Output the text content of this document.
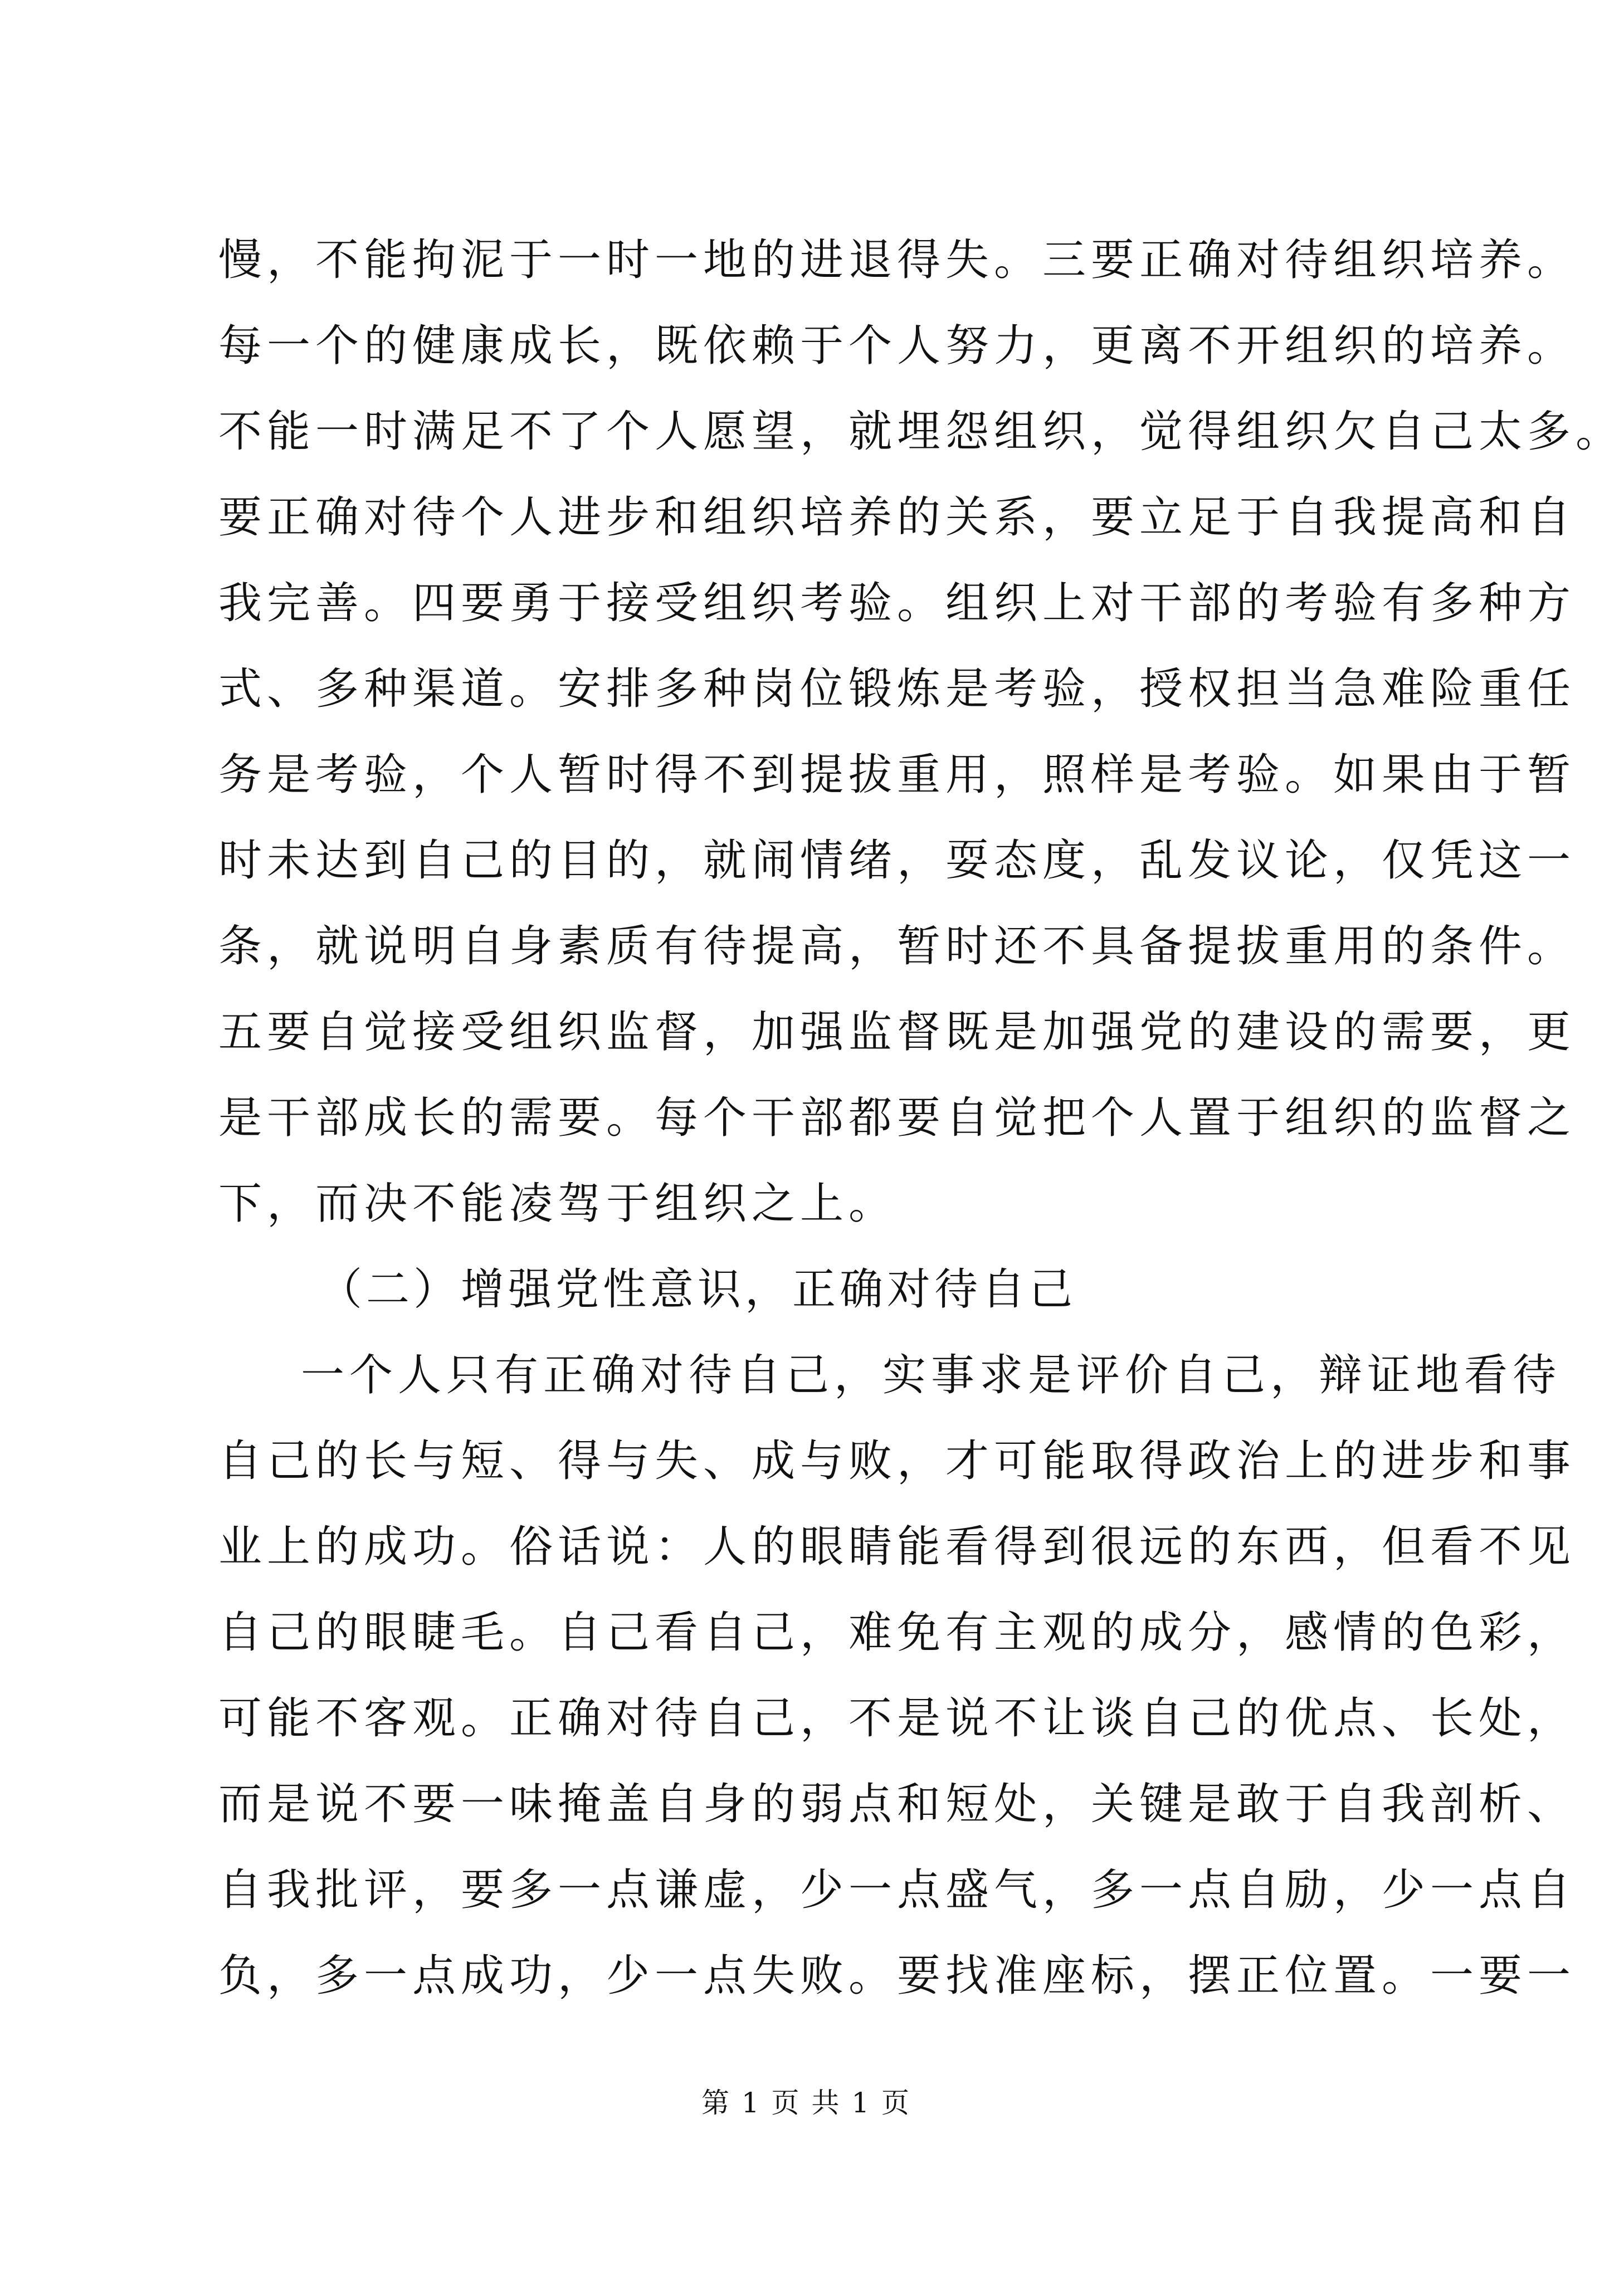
慢，不能拘泥于一时一地的进退得失。三要正确对待组织培养。
每一个的健康成长，既依赖于个人努力，更离不开组织的培养。
不能一时满足不了个人愿望，就埋怨组织，觉得组织欠自己太多。
要正确对待个人进步和组织培养的关系，要立足于自我提高和自
我完善。四要勇于接受组织考验。组织上对干部的考验有多种方
式、多种渠道。安排多种岗位锻炼是考验，授权担当急难险重任
务是考验，个人暂时得不到提拔重用，照样是考验。如果由于暂
时未达到自己的目的，就闹情绪，耍态度，乱发议论，仅凭这一
条，就说明自身素质有待提高，暂时还不具备提拔重用的条件。
五要自觉接受组织监督，加强监督既是加强党的建设的需要，更
是干部成长的需要。每个干部都要自觉把个人置于组织的监督之
下，而决不能凌驾于组织之上。
（二）增强党性意识，正确对待自己
一个人只有正确对待自己，实事求是评价自己，辩证地看待
自己的长与短、得与失、成与败，才可能取得政治上的进步和事
业上的成功。俗话说：人的眼睛能看得到很远的东西，但看不见
自己的眼睫毛。自己看自己，难免有主观的成分，感情的色彩，
可能不客观。正确对待自己，不是说不让谈自己的优点、长处，
而是说不要一味掩盖自身的弱点和短处，关键是敢于自我剖析、
自我批评，要多一点谦虚，少一点盛气，多一点自励，少一点自
负，多一点成功，少一点失败。要找准座标，摆正位置。一要一
第 1 页 共 1 页
